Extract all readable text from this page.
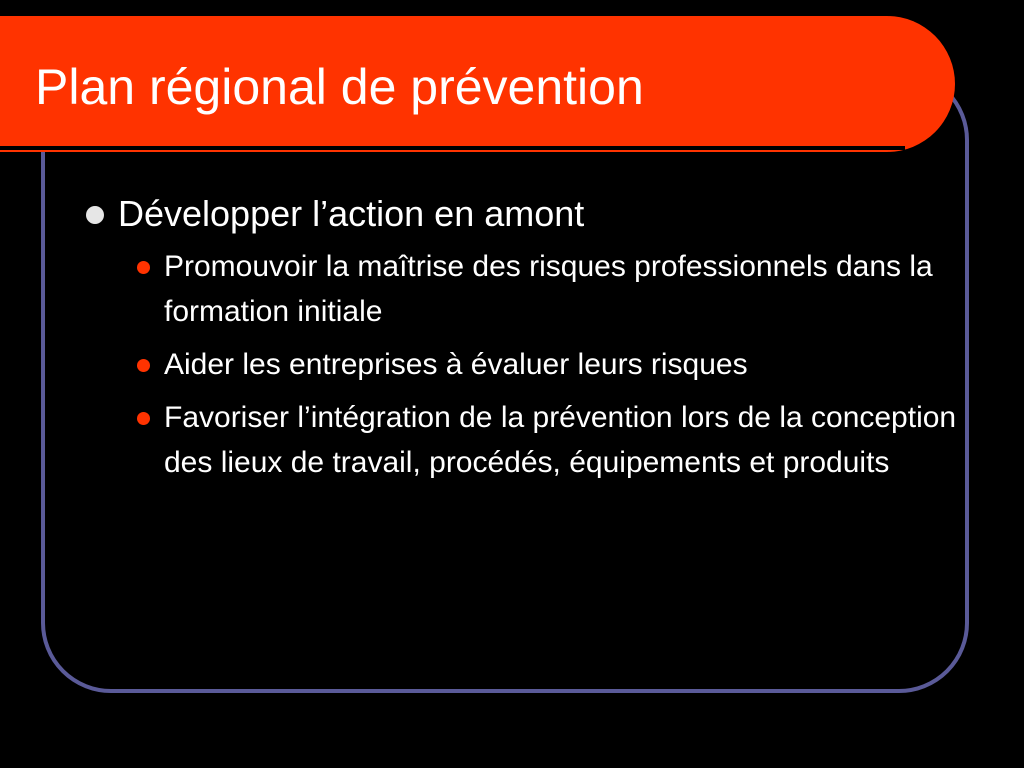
Plan régional de prévention
Développer l’action en amont
Promouvoir la maîtrise des risques professionnels dans la formation initiale
Aider les entreprises à évaluer leurs risques
Favoriser l’intégration de la prévention lors de la conception des lieux de travail, procédés, équipements et produits
